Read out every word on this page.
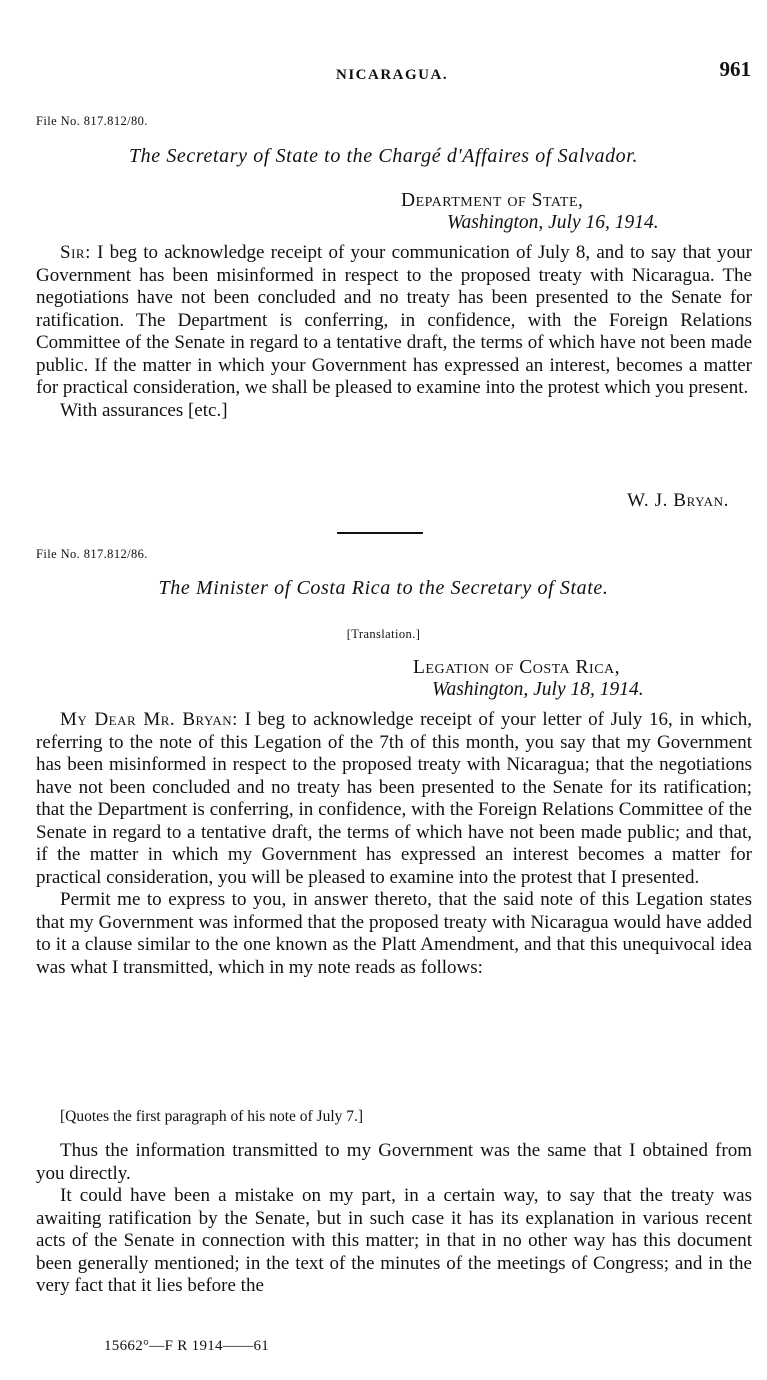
NICARAGUA.	961
File No. 817.812/80.
The Secretary of State to the Chargé d'Affaires of Salvador.
Department of State,
Washington, July 16, 1914.

Sir: I beg to acknowledge receipt of your communication of July 8, and to say that your Government has been misinformed in respect to the proposed treaty with Nicaragua. The negotiations have not been concluded and no treaty has been presented to the Senate for ratification. The Department is conferring, in confidence, with the Foreign Relations Committee of the Senate in regard to a tentative draft, the terms of which have not been made public. If the matter in which your Government has expressed an interest, becomes a matter for practical consideration, we shall be pleased to examine into the protest which you present.

With assurances [etc.]

W. J. Bryan.
File No. 817.812/86.
The Minister of Costa Rica to the Secretary of State.
[Translation.]
Legation of Costa Rica,
Washington, July 18, 1914.

My Dear Mr. Bryan: I beg to acknowledge receipt of your letter of July 16, in which, referring to the note of this Legation of the 7th of this month, you say that my Government has been misinformed in respect to the proposed treaty with Nicaragua; that the negotiations have not been concluded and no treaty has been presented to the Senate for its ratification; that the Department is conferring, in confidence, with the Foreign Relations Committee of the Senate in regard to a tentative draft, the terms of which have not been made public; and that, if the matter in which my Government has expressed an interest becomes a matter for practical consideration, you will be pleased to examine into the protest that I presented.

Permit me to express to you, in answer thereto, that the said note of this Legation states that my Government was informed that the proposed treaty with Nicaragua would have added to it a clause similar to the one known as the Platt Amendment, and that this unequivocal idea was what I transmitted, which in my note reads as follows:

[Quotes the first paragraph of his note of July 7.]

Thus the information transmitted to my Government was the same that I obtained from you directly.

It could have been a mistake on my part, in a certain way, to say that the treaty was awaiting ratification by the Senate, but in such case it has its explanation in various recent acts of the Senate in connection with this matter; in that in no other way has this document been generally mentioned; in the text of the minutes of the meetings of Congress; and in the very fact that it lies before the

15662°—F R 1914——61
